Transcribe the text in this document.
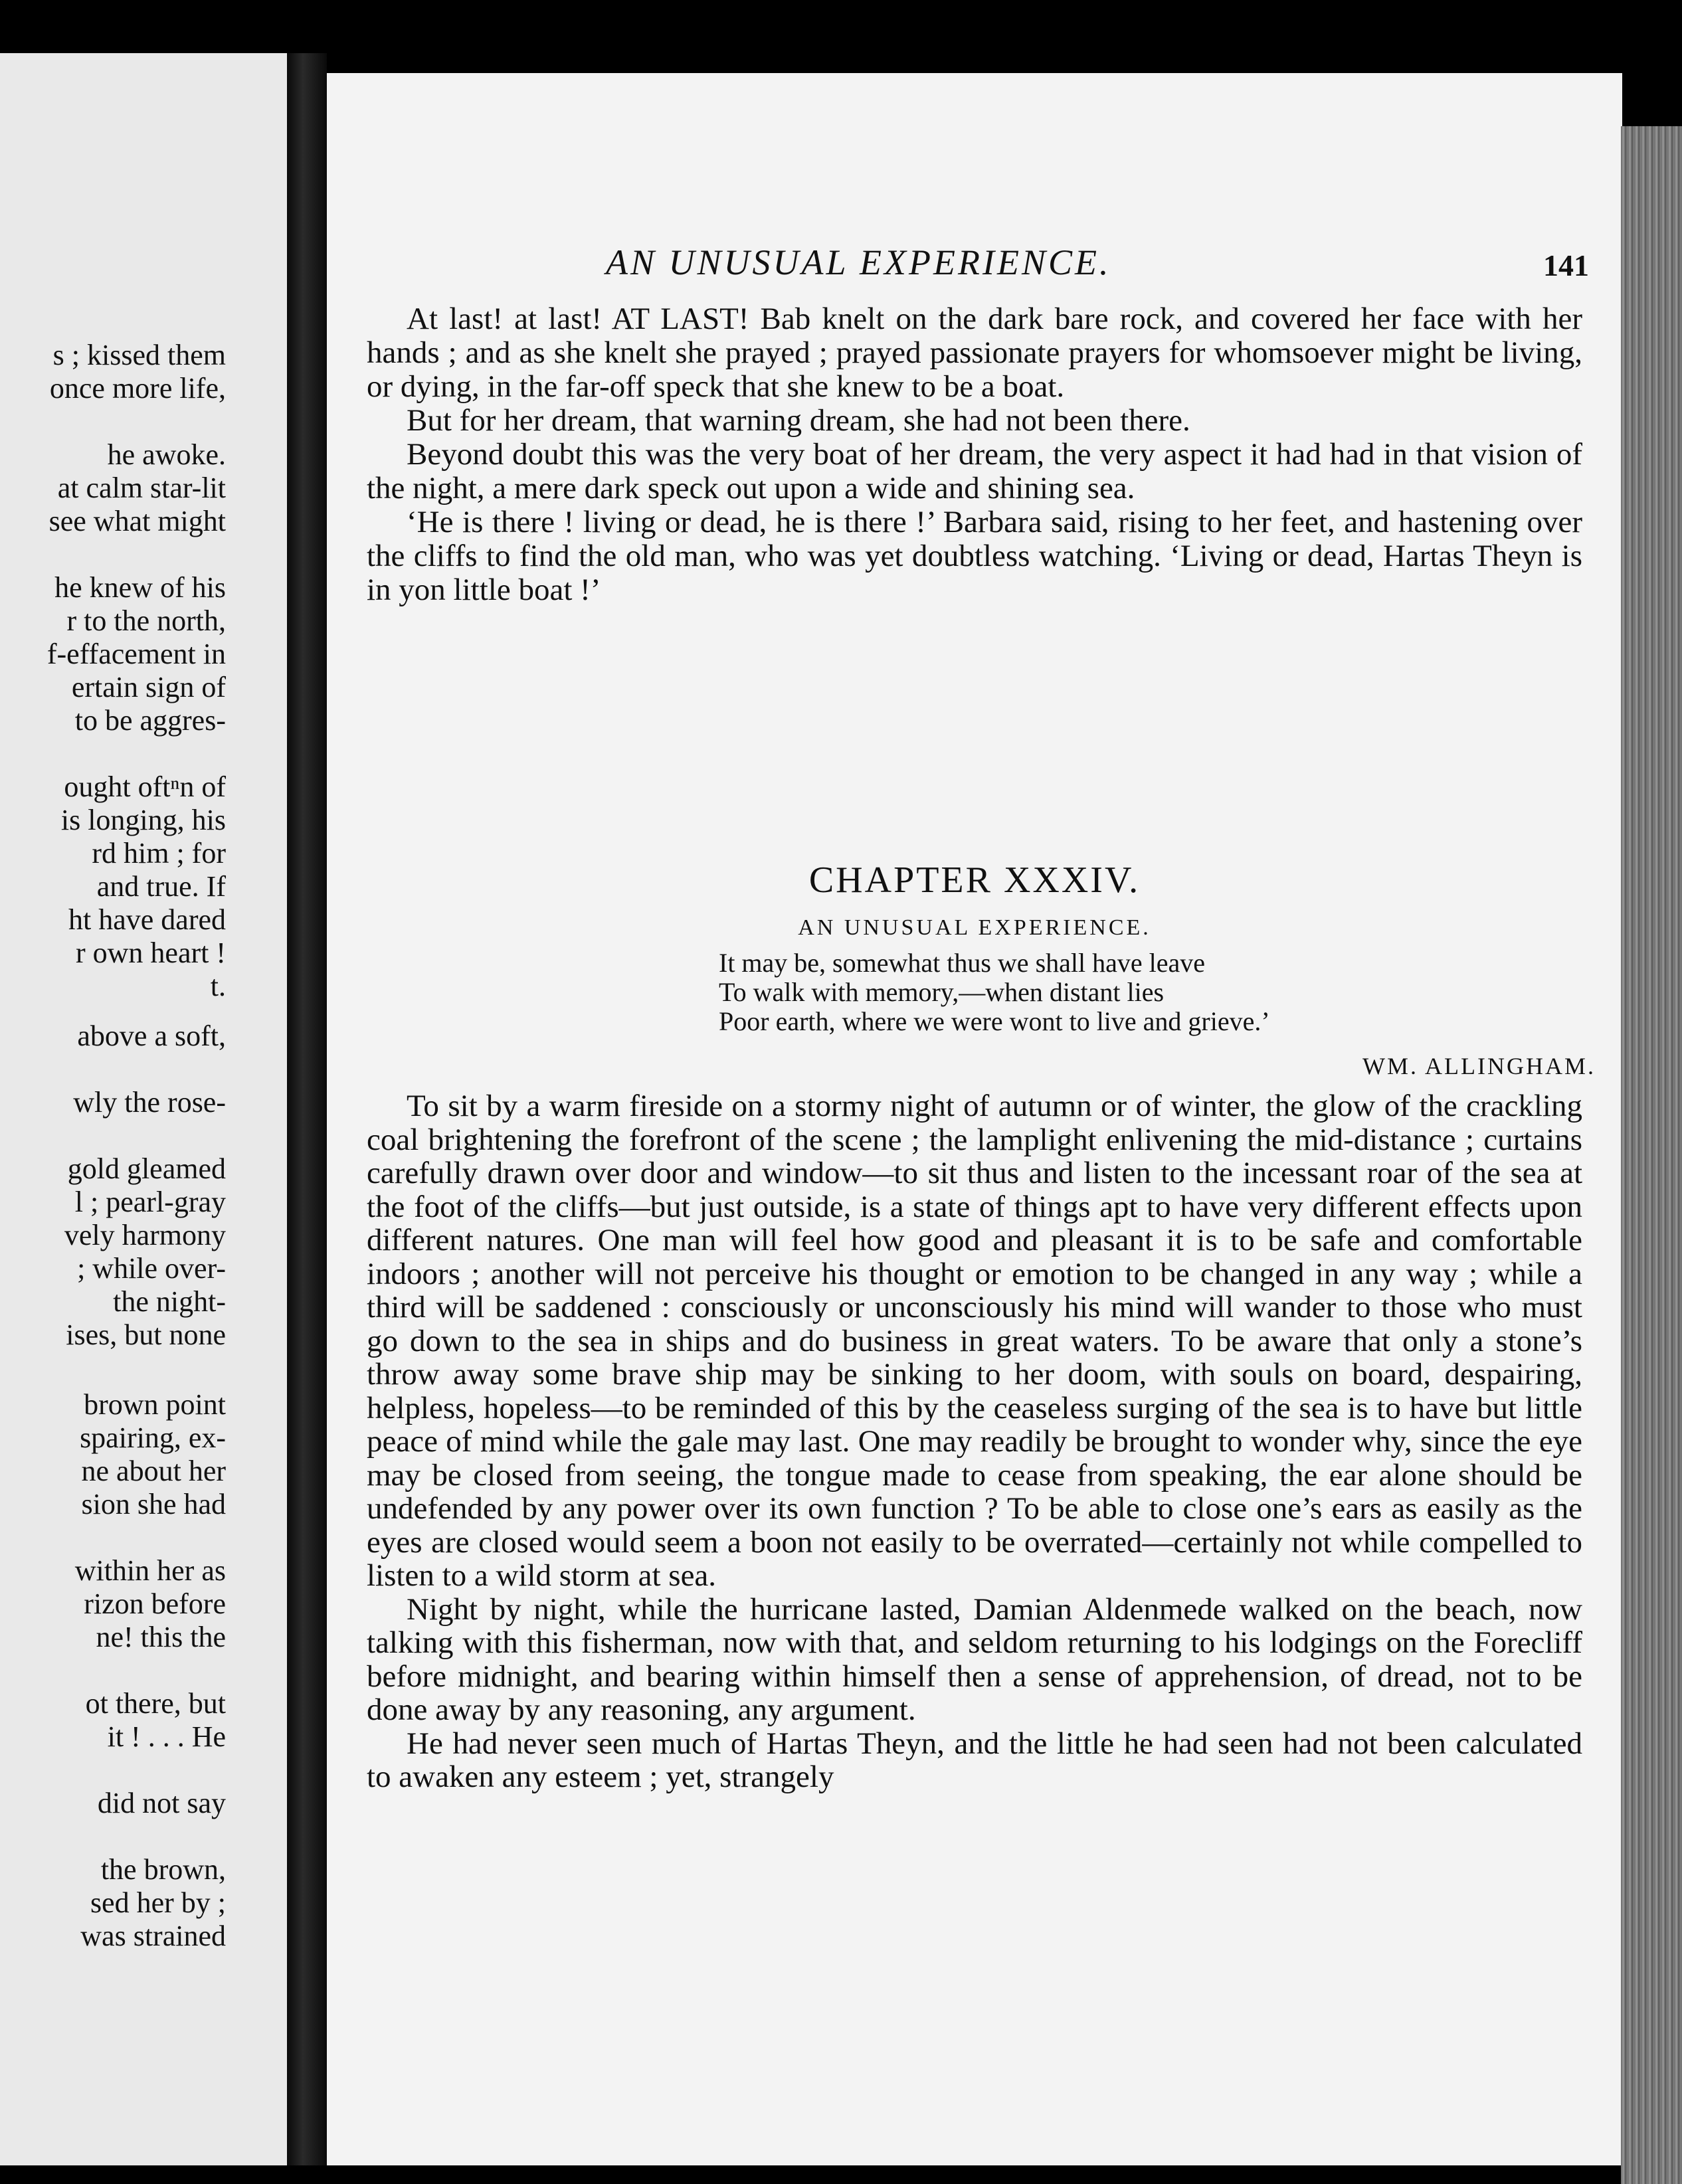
s ; kissed them
once more life,
he awoke.
at calm star-lit
see what might
he knew of his
r to the north,
f-effacement in
ertain sign of
to be aggres-
ought oftⁿn of
is longing, his
rd him ; for
and true. If
ht have dared
r own heart !
t.
above a soft,
wly the rose-
gold gleamed
l ; pearl-gray
vely harmony
; while over-
the night-
ises, but none
brown point
spairing, ex-
ne about her
sion she had
within her as
rizon before
ne! this the
ot there, but
it ! . . . He
did not say
the brown,
sed her by ;
was strained
AN UNUSUAL EXPERIENCE.	141

At last! at last! AT LAST! Bab knelt on the dark bare rock, and covered her face with her hands ; and as she knelt she prayed ; prayed passionate prayers for whomsoever might be living, or dying, in the far-off speck that she knew to be a boat.

But for her dream, that warning dream, she had not been there.

Beyond doubt this was the very boat of her dream, the very aspect it had had in that vision of the night, a mere dark speck out upon a wide and shining sea.

‘He is there ! living or dead, he is there !’ Barbara said, rising to her feet, and hastening over the cliffs to find the old man, who was yet doubtless watching. ‘Living or dead, Hartas Theyn is in yon little boat !’

CHAPTER XXXIV.
AN UNUSUAL EXPERIENCE.
It may be, somewhat thus we shall have leave
To walk with memory,—when distant lies
Poor earth, where we were wont to live and grieve.’
WM. ALLINGHAM.

To sit by a warm fireside on a stormy night of autumn or of winter, the glow of the crackling coal brightening the forefront of the scene ; the lamplight enlivening the mid-distance ; curtains carefully drawn over door and window—to sit thus and listen to the incessant roar of the sea at the foot of the cliffs—but just outside, is a state of things apt to have very different effects upon different natures. One man will feel how good and pleasant it is to be safe and comfortable indoors ; another will not perceive his thought or emotion to be changed in any way ; while a third will be saddened : consciously or unconsciously his mind will wander to those who must go down to the sea in ships and do business in great waters. To be aware that only a stone’s throw away some brave ship may be sinking to her doom, with souls on board, despairing, helpless, hopeless—to be reminded of this by the ceaseless surging of the sea is to have but little peace of mind while the gale may last. One may readily be brought to wonder why, since the eye may be closed from seeing, the tongue made to cease from speaking, the ear alone should be undefended by any power over its own function ? To be able to close one’s ears as easily as the eyes are closed would seem a boon not easily to be overrated—certainly not while compelled to listen to a wild storm at sea.

Night by night, while the hurricane lasted, Damian Aldenmede walked on the beach, now talking with this fisherman, now with that, and seldom returning to his lodgings on the Forecliff before midnight, and bearing within himself then a sense of apprehension, of dread, not to be done away by any reasoning, any argument.

He had never seen much of Hartas Theyn, and the little he had seen had not been calculated to awaken any esteem ; yet, strangely
